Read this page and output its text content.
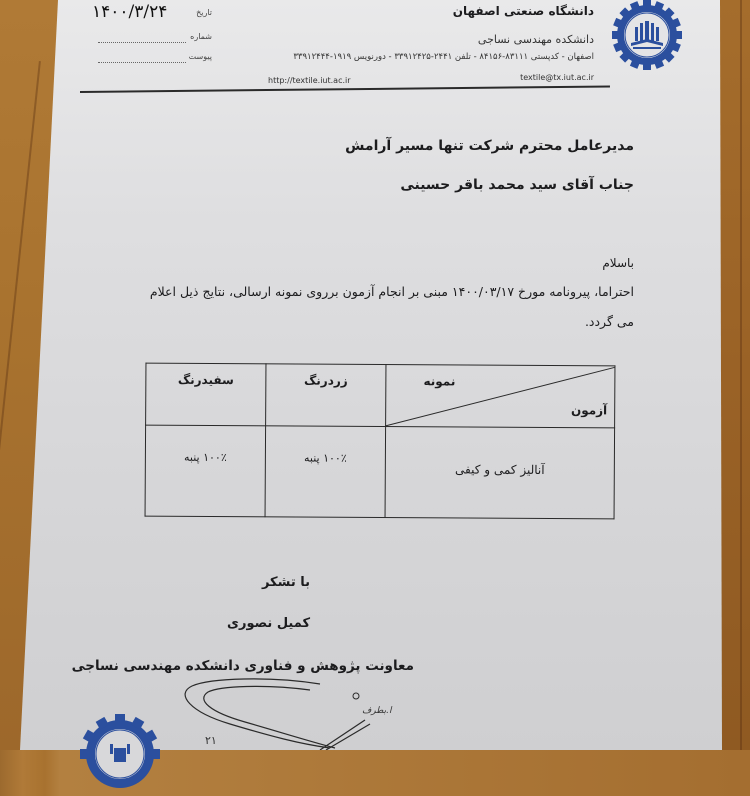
دانشگاه صنعتی اصفهان
دانشکده مهندسی نساجی
اصفهان - کدپستی ۸۳۱۱۱-۸۴۱۵۶ - تلفن ۲۴۴۱-۳۳۹۱۲۴۲۵ - دورنویس ۱۹۱۹-۳۳۹۱۲۴۴۴
textile@tx.iut.ac.ir
http://textile.iut.ac.ir
تاریخ
۱۴۰۰/۳/۲۴
شماره
پیوست
مدیرعامل محترم شرکت تنها مسیر آرامش
جناب آقای سید محمد باقر حسینی
باسلام
احتراما، پیرونامه مورخ ۱۴۰۰/۰۳/۱۷ مبنی بر انجام آزمون برروی نمونه ارسالی، نتایج ذیل اعلام
می گردد.
نمونه
آزمون
زردرنگ
سفیدرنگ
آنالیز کمی و کیفی
۱۰۰٪ پنبه
۱۰۰٪ پنبه
با تشکر
کمیل نصوری
معاونت پژوهش و فناوری دانشکده مهندسی نساجی
ا.بطرف
۲۱
